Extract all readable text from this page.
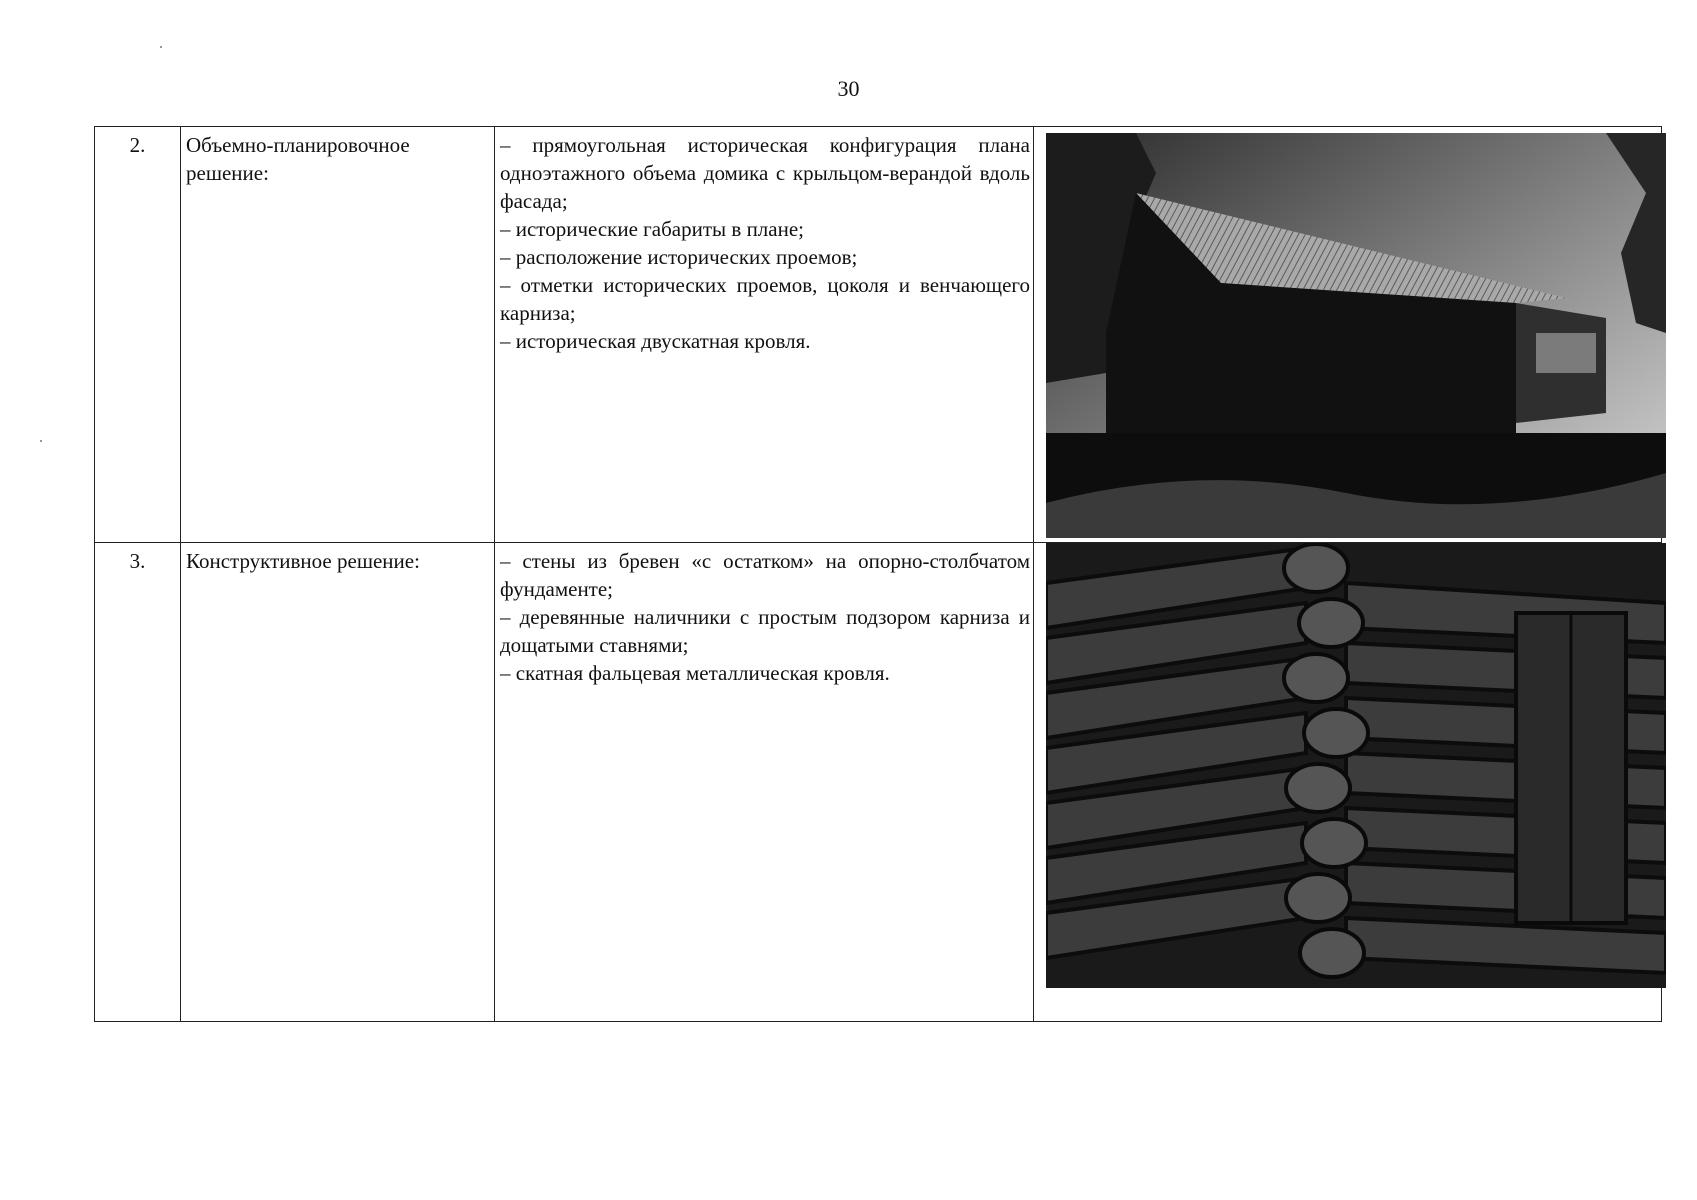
30
2.	Объемно-планировочное решение:	– прямоугольная историческая конфигурация плана одноэтажного объема домика с крыльцом-верандой вдоль фасада;

– исторические габариты в плане;

– расположение исторических проемов;

– отметки исторических проемов, цоколя и венчающего карниза;

– историческая двускатная кровля.

3.	Конструктивное решение:	– стены из бревен «с остатком» на опорно-столбчатом фундаменте;

– деревянные наличники с простым подзором карниза и дощатыми ставнями;

– скатная фальцевая металлическая кровля.
